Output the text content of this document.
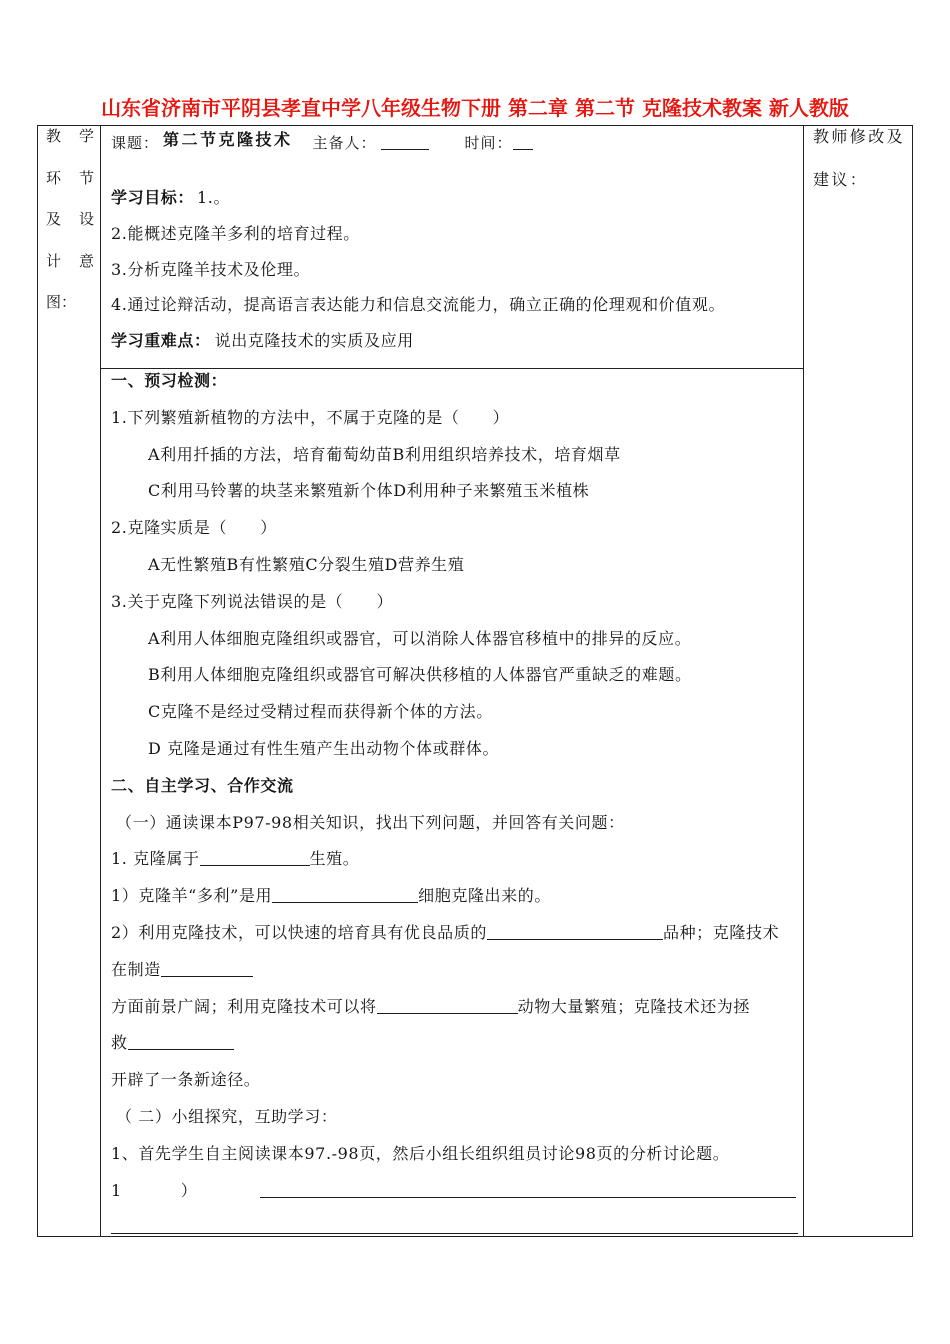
山东省济南市平阴县孝直中学八年级生物下册 第二章 第二节 克隆技术教案 新人教版
教 学
环 节
及 设
计 意
图：
教师修改及
建议：
课题： 第二节克隆技术 主备人：	时间：
学习目标： 1.。
2.能概述克隆羊多利的培育过程。
3.分析克隆羊技术及伦理。
4.通过论辩活动，提高语言表达能力和信息交流能力，确立正确的伦理观和价值观。
学习重难点： 说出克隆技术的实质及应用
一、预习检测：
1.下列繁殖新植物的方法中，不属于克隆的是（　　）
A利用扦插的方法，培育葡萄幼苗B利用组织培养技术，培育烟草
C利用马铃薯的块茎来繁殖新个体D利用种子来繁殖玉米植株
2.克隆实质是（　　）
A无性繁殖B有性繁殖C分裂生殖D营养生殖
3.关于克隆下列说法错误的是（　　）
A利用人体细胞克隆组织或器官，可以消除人体器官移植中的排异的反应。
B利用人体细胞克隆组织或器官可解决供移植的人体器官严重缺乏的难题。
C克隆不是经过受精过程而获得新个体的方法。
D 克隆是通过有性生殖产生出动物个体或群体。
二、自主学习、合作交流
（一）通读课本P97-98相关知识，找出下列问题，并回答有关问题：
1. 克隆属于	生殖。
1）克隆羊“多利”是用	细胞克隆出来的。
2）利用克隆技术，可以快速的培育具有优良品质的	品种；克隆技术
在制造
方面前景广阔；利用克隆技术可以将	动物大量繁殖；克隆技术还为拯
救
开辟了一条新途径。
（ 二）小组探究，互助学习：
1、首先学生自主阅读课本97.-98页，然后小组长组织组员讨论98页的分析讨论题。
1	）
